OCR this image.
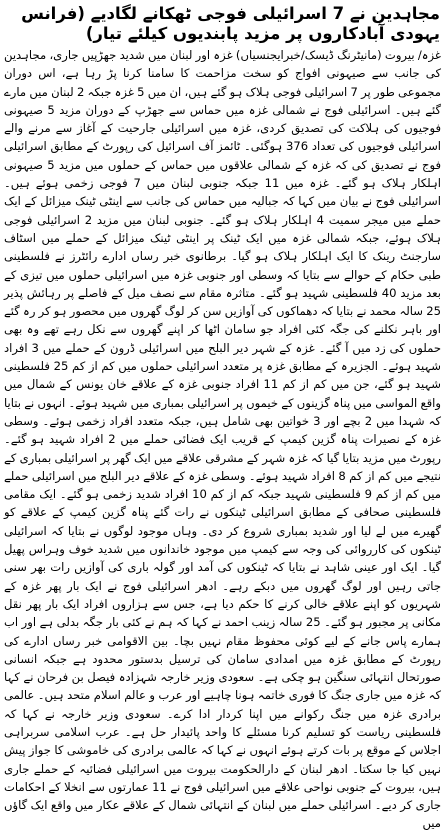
مجاہدین نے 7 اسرائیلی فوجی ٹھکانے لگادیے (فرانس یہودی آبادکاروں پر مزید پابندیوں کیلئے تیار)
غزہ/ بیروت (مانیٹرنگ ڈیسک/خبرایجنسیاں) غزہ اور لبنان میں شدید جھڑپیں جاری، مجاہدین کی جانب سے صیہونی افواج کو سخت مزاحمت کا سامنا کرنا پڑ رہا ہے، اس دوران مجموعی طور پر 7 اسرائیلی فوجی ہلاک ہو گئے ہیں، ان میں 5 غزہ جبکہ 2 لبنان میں مارے گئے ہیں۔ اسرائیلی فوج نے شمالی غزہ میں حماس سے جھڑپ کے دوران مزید 5 صیہونی فوجیوں کی ہلاکت کی تصدیق کردی، غزہ میں اسرائیلی جارحیت کے آغاز سے مرنے والے اسرائیلی فوجیوں کی تعداد 376 ہوگئی۔ ٹائمز آف اسرائیل کی رپورٹ کے مطابق اسرائیلی فوج نے تصدیق کی کہ غزہ کے شمالی علاقوں میں حماس کے حملوں میں مزید 5 صیہونی اہلکار ہلاک ہو گئے۔ غزہ میں 11 جبکہ جنوبی لبنان میں 7 فوجی زخمی ہوئے ہیں۔ اسرائیلی فوج نے بیان میں کہا کہ جبالیہ میں حماس کی جانب سے اینٹی ٹینک میزائل کے ایک حملے میں میجر سمیت 4 اہلکار ہلاک ہو گئے۔ جنوبی لبنان میں مزید 2 اسرائیلی فوجی ہلاک ہوئے، جبکہ شمالی غزہ میں ایک ٹینک پر اینٹی ٹینک میزائل کے حملے میں اسٹاف سارجنٹ رینک کا ایک اہلکار ہلاک ہو گیا۔ برطانوی خبر رساں ادارے رائٹرز نے فلسطینی طبی حکام کے حوالے سے بتایا کہ وسطی اور جنوبی غزہ میں اسرائیلی حملوں میں تیزی کے بعد مزید 40 فلسطینی شہید ہو گئے۔ متاثرہ مقام سے نصف میل کے فاصلے پر رہائش پذیر 25 سالہ محمد نے بتایا کہ دھماکوں کی آوازیں سن کر لوگ گھروں میں محصور ہو کر رہ گئے اور باہر نکلنے کی جگہ کئی افراد جو سامان اٹھا کر اپنے گھروں سے نکل رہے تھے وہ بھی حملوں کی زد میں آ گئے۔ غزہ کے شہر دیر البلح میں اسرائیلی ڈرون کے حملے میں 3 افراد شہید ہوئے۔ الجزیرہ کے مطابق غزہ پر متعدد اسرائیلی حملوں میں کم از کم 25 فلسطینی شہید ہو گئے، جن میں کم از کم 11 افراد جنوبی غزہ کے علاقے خان یونس کے شمال میں واقع المواسی میں پناہ گزینوں کے خیموں پر اسرائیلی بمباری میں شہید ہوئے۔ انہوں نے بتایا کہ شہدا میں 2 بچے اور 3 خواتین بھی شامل ہیں، جبکہ متعدد افراد زخمی ہوئے۔ وسطی غزہ کے نصیرات پناہ گزین کیمپ کے قریب ایک فضائی حملے میں 2 افراد شہید ہو گئے۔ رپورٹ میں مزید بتایا گیا کہ غزہ شہر کے مشرقی علاقے میں ایک گھر پر اسرائیلی بمباری کے نتیجے میں کم از کم 8 افراد شہید ہوئے۔ وسطی غزہ کے علاقے دیر البلح میں اسرائیلی حملے میں کم از کم 9 فلسطینی شہید جبکہ کم از کم 10 افراد شدید زخمی ہو گئے۔ ایک مقامی فلسطینی صحافی کے مطابق اسرائیلی ٹینکوں نے رات گئے پناہ گزین کیمپ کے علاقے کو گھیرے میں لے لیا اور شدید بمباری شروع کر دی۔ وہاں موجود لوگوں نے بتایا کہ اسرائیلی ٹینکوں کی کارروائی کی وجہ سے کیمپ میں موجود خاندانوں میں شدید خوف وہراس پھیل گیا۔ ایک اور عینی شاہد نے بتایا کہ ٹینکوں کی آمد اور گولہ باری کی آوازیں رات بھر سنی جاتی رہیں اور لوگ گھروں میں دبکے رہے۔ ادھر اسرائیلی فوج نے ایک بار پھر غزہ کے شہریوں کو اپنے علاقے خالی کرنے کا حکم دیا ہے، جس سے ہزاروں افراد ایک بار پھر نقل مکانی پر مجبور ہو گئے۔ 25 سالہ زینب احمد نے کہا کہ ہم نے کئی بار جگہ بدلی ہے اور اب ہمارے پاس جانے کے لیے کوئی محفوظ مقام نہیں بچا۔ بین الاقوامی خبر رساں ادارے کی رپورٹ کے مطابق غزہ میں امدادی سامان کی ترسیل بدستور محدود ہے جبکہ انسانی صورتحال انتہائی سنگین ہو چکی ہے۔ سعودی وزیر خارجہ شہزادہ فیصل بن فرحان نے کہا کہ غزہ میں جاری جنگ کا فوری خاتمہ ہونا چاہیے اور عرب و عالم اسلام متحد ہیں۔ عالمی برادری غزہ میں جنگ رکوانے میں اپنا کردار ادا کرے۔ سعودی وزیر خارجہ نے کہا کہ فلسطینی ریاست کو تسلیم کرنا مسئلے کا واحد پائیدار حل ہے۔ عرب اسلامی سربراہی اجلاس کے موقع پر بات کرتے ہوئے انہوں نے کہا کہ عالمی برادری کی خاموشی کا جواز پیش نہیں کیا جا سکتا۔ ادھر لبنان کے دارالحکومت بیروت میں اسرائیلی فضائیہ کے حملے جاری ہیں، بیروت کے جنوبی نواحی علاقے میں اسرائیلی فوج نے 11 عمارتوں سے انخلا کے احکامات جاری کر دیے۔ اسرائیلی حملے میں لبنان کے انتہائی شمال کے علاقے عکار میں واقع ایک گاؤں میں
